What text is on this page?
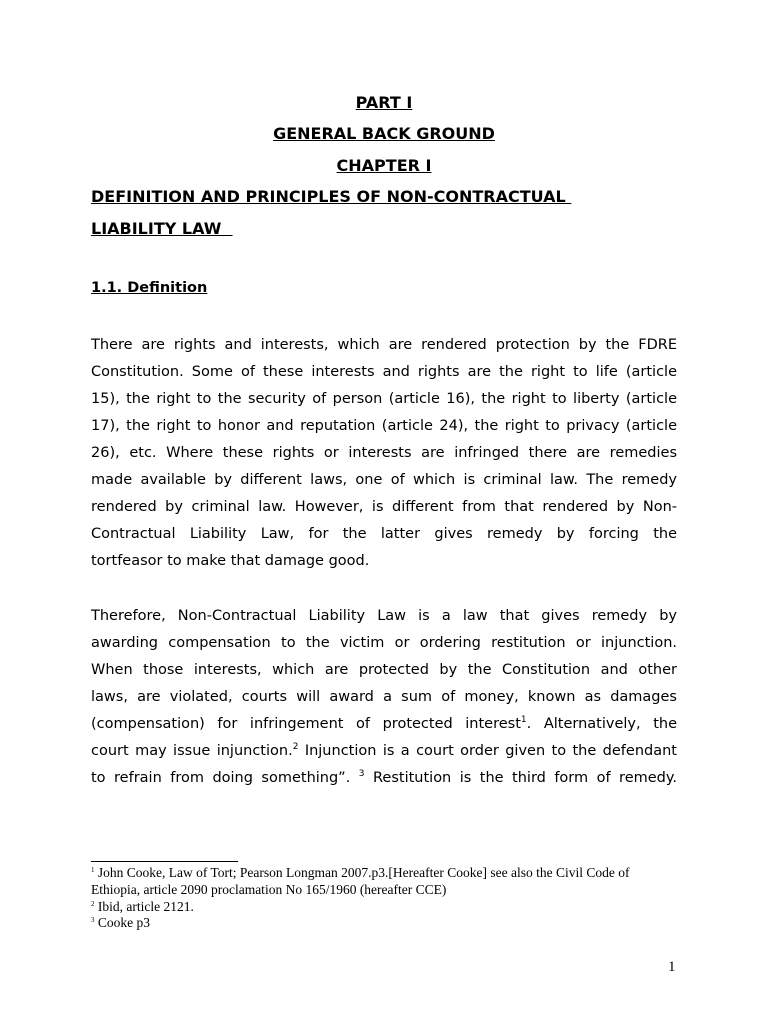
PART I
GENERAL BACK GROUND
CHAPTER I
DEFINITION AND PRINCIPLES OF NON-CONTRACTUAL
LIABILITY LAW
1.1. Definition
There are rights and interests, which are rendered protection by the FDRE
Constitution. Some of these interests and rights are the right to life (article
15), the right to the security of person (article 16), the right to liberty (article
17), the right to honor and reputation (article 24), the right to privacy (article
26), etc. Where these rights or interests are infringed there are remedies
made available by different laws, one of which is criminal law. The remedy
rendered by criminal law. However, is different from that rendered by Non-
Contractual Liability Law, for the latter gives remedy by forcing the
tortfeasor to make that damage good.
Therefore, Non-Contractual Liability Law is a law that gives remedy by
awarding compensation to the victim or ordering restitution or injunction.
When those interests, which are protected by the Constitution and other
laws, are violated, courts will award a sum of money, known as damages
(compensation) for infringement of protected interest$^1$. Alternatively, the
court may issue injunction.$^2$ Injunction is a court order given to the defendant
to refrain from doing something”. $^3$ Restitution is the third form of remedy.
$^1$ John Cooke, Law of Tort; Pearson Longman 2007.p3.[Hereafter Cooke] see also the Civil Code of
Ethiopia, article 2090 proclamation No 165/1960 (hereafter CCE)
$^2$ Ibid, article 2121.
$^3$ Cooke p3
1
